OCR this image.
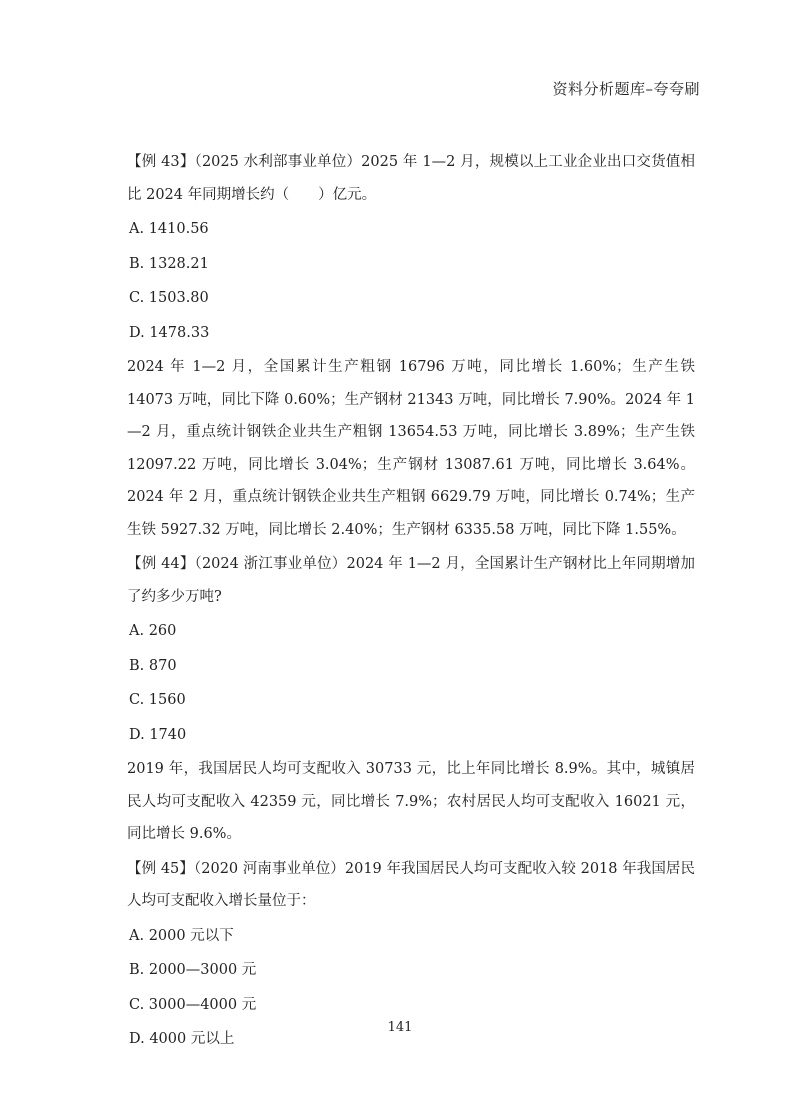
资料分析题库–夸夸刷

【例 43】（2025 水利部事业单位）2025 年 1—2 月，规模以上工业企业出口交货值相比 2024 年同期增长约（　　）亿元。

A. 1410.56
B. 1328.21
C. 1503.80
D. 1478.33

2024 年 1—2 月，全国累计生产粗钢 16796 万吨，同比增长 1.60%；生产生铁 14073 万吨，同比下降 0.60%；生产钢材 21343 万吨，同比增长 7.90%。2024 年 1—2 月，重点统计钢铁企业共生产粗钢 13654.53 万吨，同比增长 3.89%；生产生铁 12097.22 万吨，同比增长 3.04%；生产钢材 13087.61 万吨，同比增长 3.64%。2024 年 2 月，重点统计钢铁企业共生产粗钢 6629.79 万吨，同比增长 0.74%；生产生铁 5927.32 万吨，同比增长 2.40%；生产钢材 6335.58 万吨，同比下降 1.55%。

【例 44】（2024 浙江事业单位）2024 年 1—2 月，全国累计生产钢材比上年同期增加了约多少万吨?

A. 260
B. 870
C. 1560
D. 1740

2019 年，我国居民人均可支配收入 30733 元，比上年同比增长 8.9%。其中，城镇居民人均可支配收入 42359 元，同比增长 7.9%；农村居民人均可支配收入 16021 元，同比增长 9.6%。

【例 45】（2020 河南事业单位）2019 年我国居民人均可支配收入较 2018 年我国居民人均可支配收入增长量位于：

A. 2000 元以下
B. 2000—3000 元
C. 3000—4000 元
D. 4000 元以上
141
